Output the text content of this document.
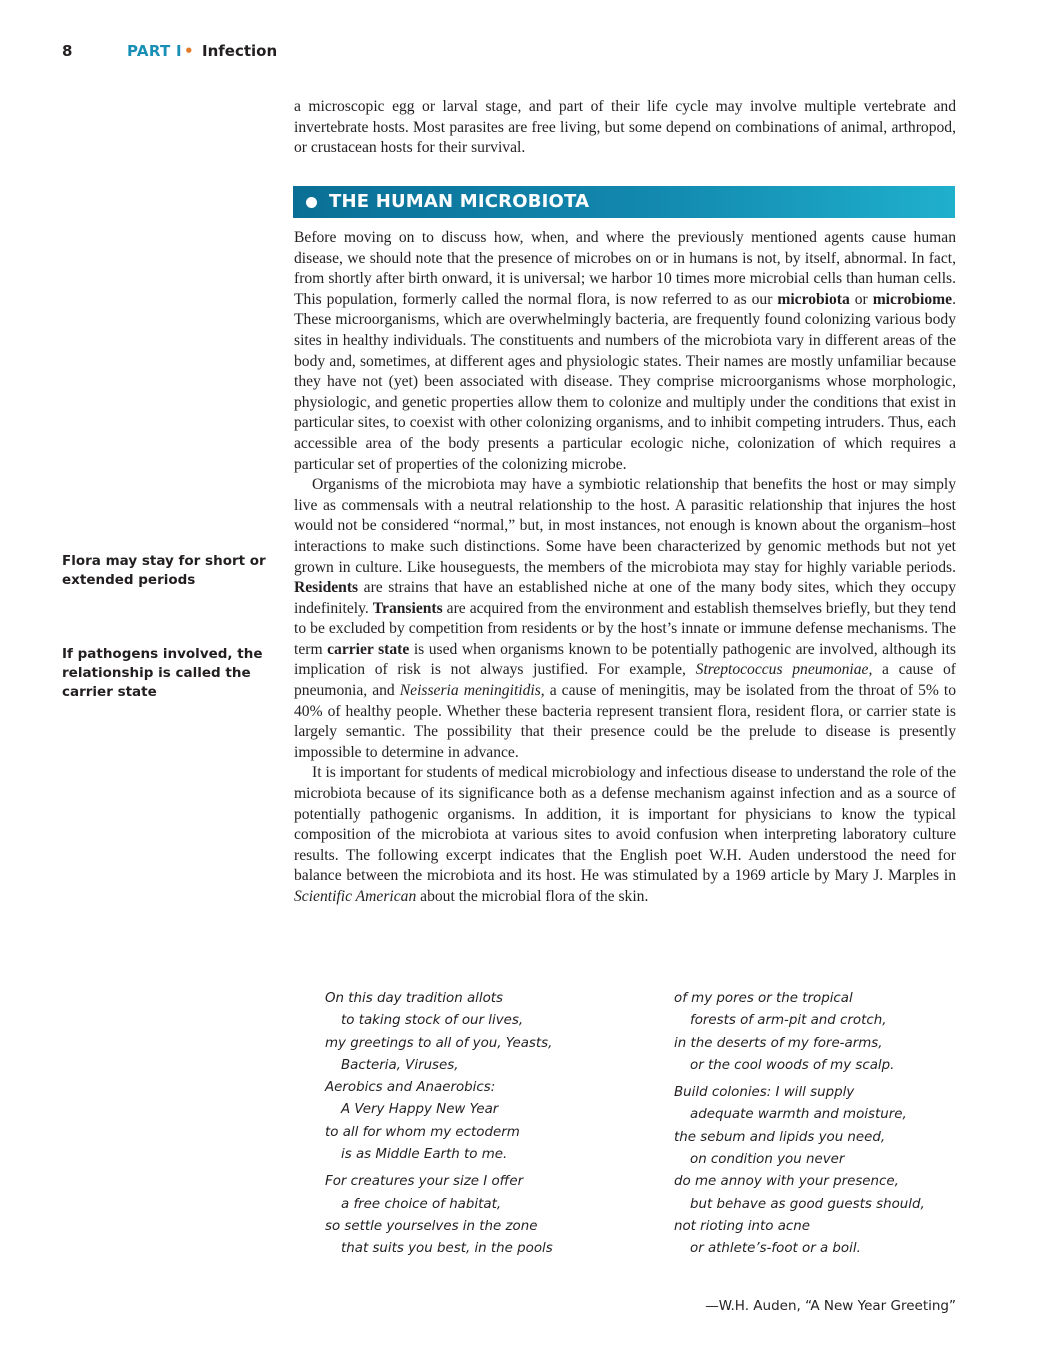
8	PART I • Infection

a microscopic egg or larval stage, and part of their life cycle may involve multiple vertebrate and invertebrate hosts. Most parasites are free living, but some depend on combinations of animal, arthropod, or crustacean hosts for their survival.

THE HUMAN MICROBIOTA

Before moving on to discuss how, when, and where the previously mentioned agents cause human disease, we should note that the presence of microbes on or in humans is not, by itself, abnormal. In fact, from shortly after birth onward, it is universal; we harbor 10 times more microbial cells than human cells. This population, formerly called the normal flora, is now referred to as our microbiota or microbiome. These microorganisms, which are overwhelmingly bacteria, are frequently found colonizing various body sites in healthy individuals. The constituents and numbers of the microbiota vary in different areas of the body and, sometimes, at different ages and physiologic states. Their names are mostly unfamiliar because they have not (yet) been associated with disease. They comprise microorganisms whose morphologic, physiologic, and genetic properties allow them to colonize and multiply under the conditions that exist in particular sites, to coexist with other colonizing organisms, and to inhibit competing intruders. Thus, each accessible area of the body presents a particular ecologic niche, colonization of which requires a particular set of properties of the colonizing microbe.

Organisms of the microbiota may have a symbiotic relationship that benefits the host or may simply live as commensals with a neutral relationship to the host. A parasitic relationship that injures the host would not be considered “normal,” but, in most instances, not enough is known about the organism–host interactions to make such distinctions. Some have been characterized by genomic methods but not yet grown in culture. Like houseguests, the members of the microbiota may stay for highly variable periods. Residents are strains that have an established niche at one of the many body sites, which they occupy indefinitely. Transients are acquired from the environment and establish themselves briefly, but they tend to be excluded by competition from residents or by the host’s innate or immune defense mechanisms. The term carrier state is used when organisms known to be potentially pathogenic are involved, although its implication of risk is not always justified. For example, Streptococcus pneumoniae, a cause of pneumonia, and Neisseria meningitidis, a cause of meningitis, may be isolated from the throat of 5% to 40% of healthy people. Whether these bacteria represent transient flora, resident flora, or carrier state is largely semantic. The possibility that their presence could be the prelude to disease is presently impossible to determine in advance.

It is important for students of medical microbiology and infectious disease to understand the role of the microbiota because of its significance both as a defense mechanism against infection and as a source of potentially pathogenic organisms. In addition, it is important for physicians to know the typical composition of the microbiota at various sites to avoid confusion when interpreting laboratory culture results. The following excerpt indicates that the English poet W.H. Auden understood the need for balance between the microbiota and its host. He was stimulated by a 1969 article by Mary J. Marples in Scientific American about the microbial flora of the skin.

Flora may stay for short or extended periods
If pathogens involved, the relationship is called the carrier state
On this day tradition allots
to taking stock of our lives,
my greetings to all of you, Yeasts,
Bacteria, Viruses,
Aerobics and Anaerobics:
A Very Happy New Year
to all for whom my ectoderm
is as Middle Earth to me.
For creatures your size I offer
a free choice of habitat,
so settle yourselves in the zone
that suits you best, in the pools
of my pores or the tropical
forests of arm-pit and crotch,
in the deserts of my fore-arms,
or the cool woods of my scalp.
Build colonies: I will supply
adequate warmth and moisture,
the sebum and lipids you need,
on condition you never
do me annoy with your presence,
but behave as good guests should,
not rioting into acne
or athlete’s-foot or a boil.
—W.H. Auden, “A New Year Greeting”
